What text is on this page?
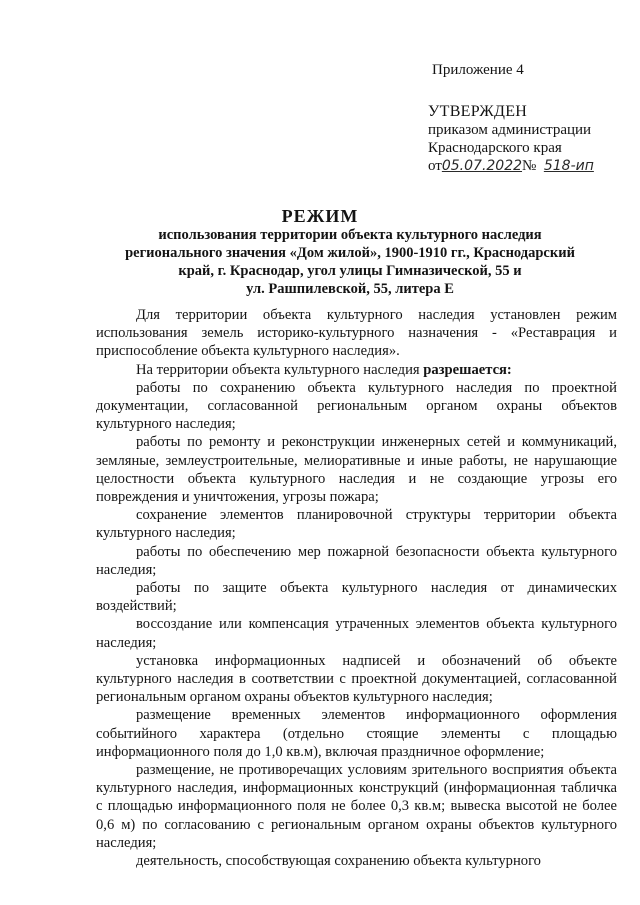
Приложение 4
УТВЕРЖДЕН
приказом администрации
Краснодарского края
от05.07.2022№ 518-ип
РЕЖИМ
использования территории объекта культурного наследия
регионального значения «Дом жилой», 1900-1910 гг., Краснодарский
край, г. Краснодар, угол улицы Гимназической, 55 и
ул. Рашпилевской, 55, литера Е

Для территории объекта культурного наследия установлен режим использования земель историко-культурного назначения - «Реставрация и приспособление объекта культурного наследия».

На территории объекта культурного наследия разрешается:

работы по сохранению объекта культурного наследия по проектной документации, согласованной региональным органом охраны объектов культурного наследия;

работы по ремонту и реконструкции инженерных сетей и коммуникаций, земляные, землеустроительные, мелиоративные и иные работы, не нарушающие целостности объекта культурного наследия и не создающие угрозы его повреждения и уничтожения, угрозы пожара;

сохранение элементов планировочной структуры территории объекта культурного наследия;

работы по обеспечению мер пожарной безопасности объекта культурного наследия;

работы по защите объекта культурного наследия от динамических воздействий;

воссоздание или компенсация утраченных элементов объекта культурного наследия;

установка информационных надписей и обозначений об объекте культурного наследия в соответствии с проектной документацией, согласованной региональным органом охраны объектов культурного наследия;

размещение временных элементов информационного оформления событийного характера (отдельно стоящие элементы с площадью информационного поля до 1,0 кв.м), включая праздничное оформление;

размещение, не противоречащих условиям зрительного восприятия объекта культурного наследия, информационных конструкций (информационная табличка с площадью информационного поля не более 0,3 кв.м; вывеска высотой не более 0,6 м) по согласованию с региональным органом охраны объектов культурного наследия;

деятельность, способствующая сохранению объекта культурного
